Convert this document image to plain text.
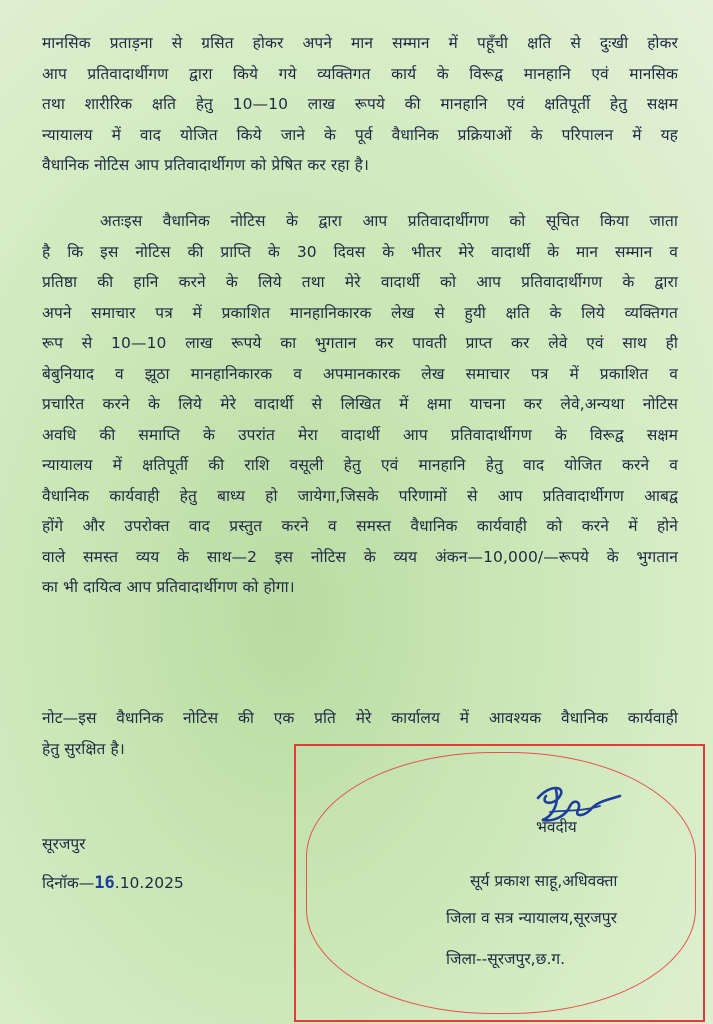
मानसिक प्रताड़ना से ग्रसित होकर अपने मान सम्मान में पहूँची क्षति से दुःखी होकर
आप प्रतिवादार्थीगण द्वारा किये गये व्यक्तिगत कार्य के विरूद्व मानहानि एवं मानसिक
तथा शारीरिक क्षति हेतु 10—10 लाख रूपये की मानहानि एवं क्षतिपूर्ती हेतु सक्षम
न्यायालय में वाद योजित किये जाने के पूर्व वैधानिक प्रक्रियाओं के परिपालन में यह
वैधानिक नोटिस आप प्रतिवादार्थीगण को प्रेषित कर रहा है।
अतःइस वैधानिक नोटिस के द्वारा आप प्रतिवादार्थीगण को सूचित किया जाता
है कि इस नोटिस की प्राप्ति के 30 दिवस के भीतर मेरे वादार्थी के मान सम्मान व
प्रतिष्ठा की हानि करने के लिये तथा मेरे वादार्थी को आप प्रतिवादार्थीगण के द्वारा
अपने समाचार पत्र में प्रकाशित मानहानिकारक लेख से हुयी क्षति के लिये व्यक्तिगत
रूप से 10—10 लाख रूपये का भुगतान कर पावती प्राप्त कर लेवे एवं साथ ही
बेबुनियाद व झूठा मानहानिकारक व अपमानकारक लेख समाचार पत्र में प्रकाशित व
प्रचारित करने के लिये मेरे वादार्थी से लिखित में क्षमा याचना कर लेवे,अन्यथा नोटिस
अवधि की समाप्ति के उपरांत मेरा वादार्थी आप प्रतिवादार्थीगण के विरूद्व सक्षम
न्यायालय में क्षतिपूर्ती की राशि वसूली हेतु एवं मानहानि हेतु वाद योजित करने व
वैधानिक कार्यवाही हेतु बाध्य हो जायेगा,जिसके परिणामों से आप प्रतिवादार्थीगण आबद्व
होंगे और उपरोक्त वाद प्रस्तुत करने व समस्त वैधानिक कार्यवाही को करने में होने
वाले समस्त व्यय के साथ—2 इस नोटिस के व्यय अंकन—10,000/—रूपये के भुगतान
का भी दायित्व आप प्रतिवादार्थीगण को होगा।
नोट—इस वैधानिक नोटिस की एक प्रति मेरे कार्यालय में आवश्यक वैधानिक कार्यवाही
हेतु सुरक्षित है।
सूरजपुर
दिनॉक—16.10.2025
भवदीय
सूर्य प्रकाश साहू,अधिवक्ता
जिला व सत्र न्यायालय,सूरजपुर
जिला--सूरजपुर,छ.ग.
